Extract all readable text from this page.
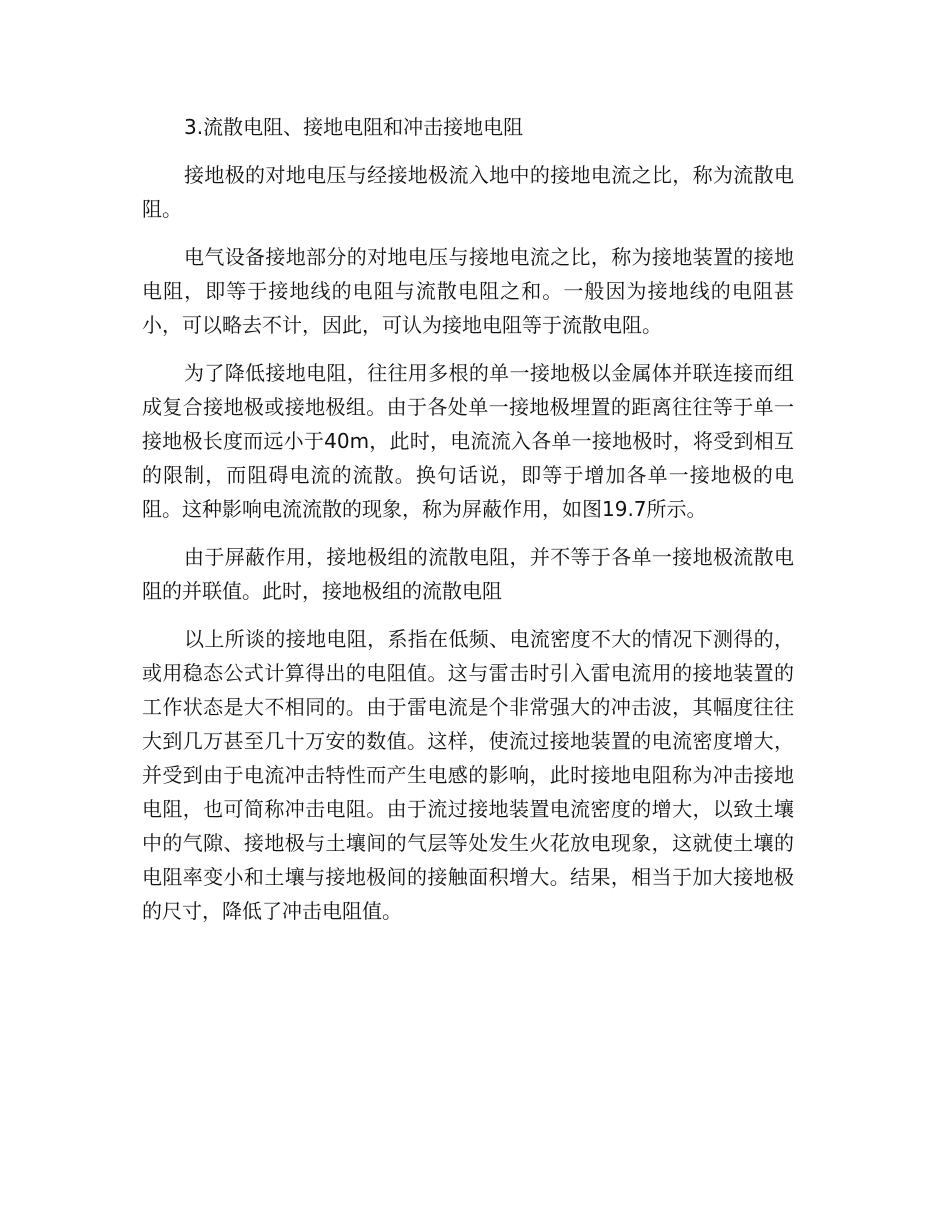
3.流散电阻、接地电阻和冲击接地电阻

接地极的对地电压与经接地极流入地中的接地电流之比，称为流散电阻。

电气设备接地部分的对地电压与接地电流之比，称为接地装置的接地电阻，即等于接地线的电阻与流散电阻之和。一般因为接地线的电阻甚小，可以略去不计，因此，可认为接地电阻等于流散电阻。

为了降低接地电阻，往往用多根的单一接地极以金属体并联连接而组成复合接地极或接地极组。由于各处单一接地极埋置的距离往往等于单一接地极长度而远小于40m，此时，电流流入各单一接地极时，将受到相互的限制，而阻碍电流的流散。换句话说，即等于增加各单一接地极的电阻。这种影响电流流散的现象，称为屏蔽作用，如图19.7所示。

由于屏蔽作用，接地极组的流散电阻，并不等于各单一接地极流散电阻的并联值。此时，接地极组的流散电阻

以上所谈的接地电阻，系指在低频、电流密度不大的情况下测得的，或用稳态公式计算得出的电阻值。这与雷击时引入雷电流用的接地装置的工作状态是大不相同的。由于雷电流是个非常强大的冲击波，其幅度往往大到几万甚至几十万安的数值。这样，使流过接地装置的电流密度增大，并受到由于电流冲击特性而产生电感的影响，此时接地电阻称为冲击接地电阻，也可简称冲击电阻。由于流过接地装置电流密度的增大，以致土壤中的气隙、接地极与土壤间的气层等处发生火花放电现象，这就使土壤的电阻率变小和土壤与接地极间的接触面积增大。结果，相当于加大接地极的尺寸，降低了冲击电阻值。
